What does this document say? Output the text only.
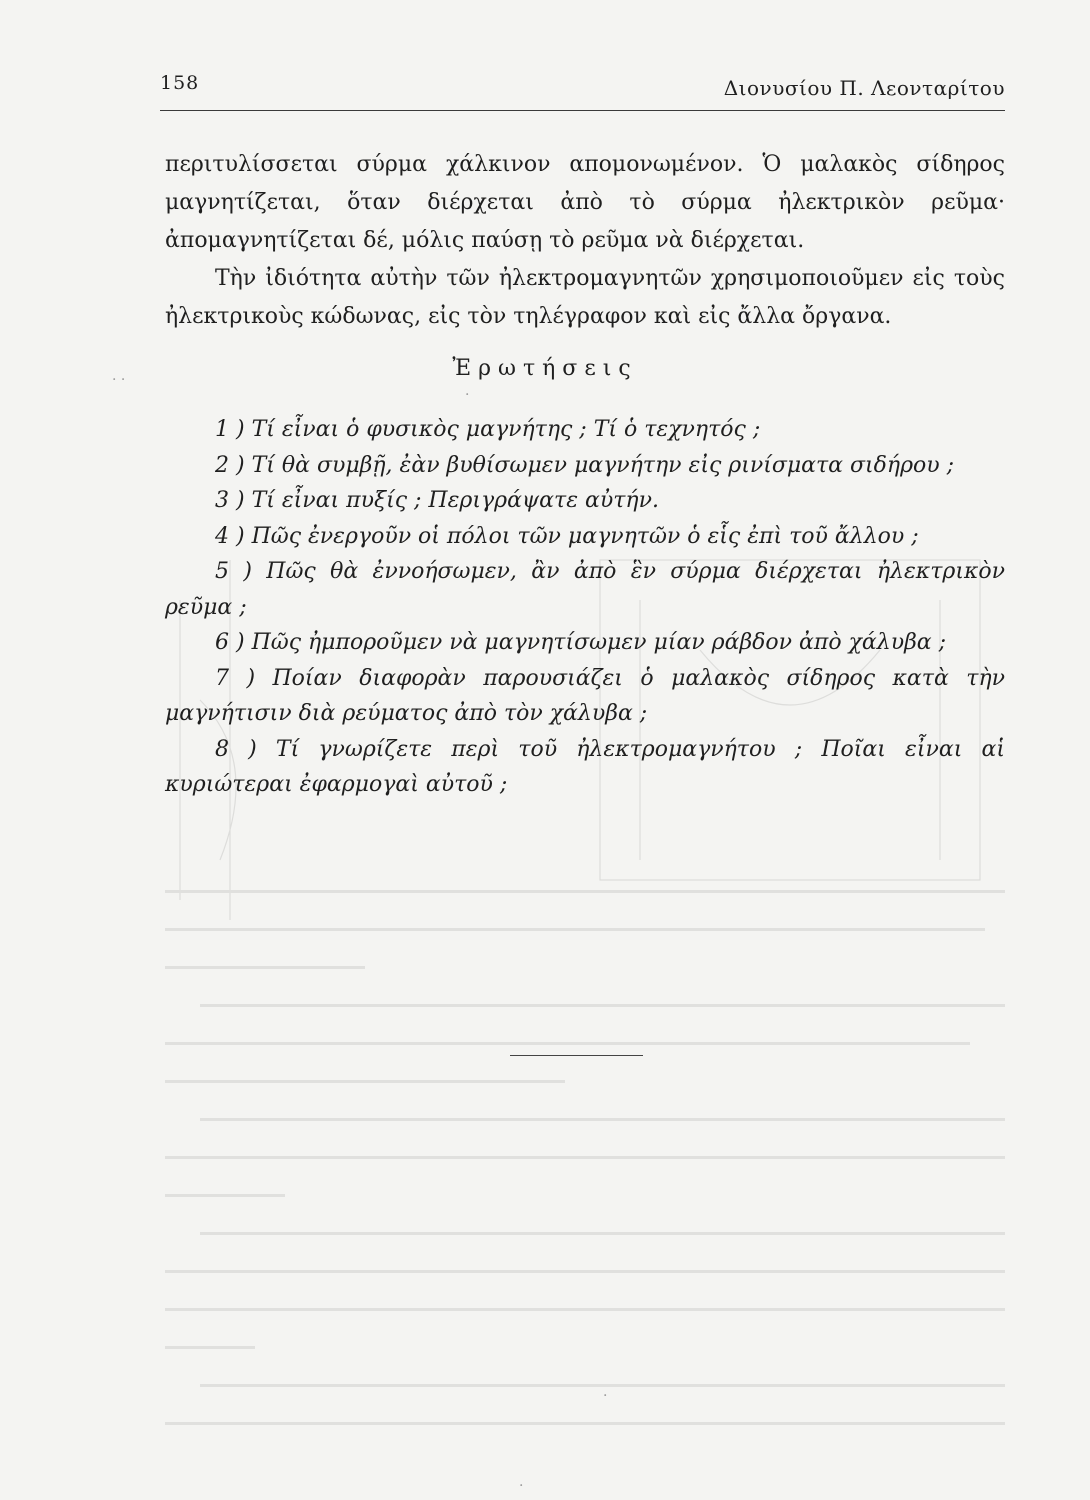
158	Διονυσίου Π. Λεονταρίτου

περιτυλίσσεται σύρμα χάλκινον απομονωμένον. Ὁ μαλακὸς σίδηρος μαγνητίζεται, ὅταν διέρχεται ἀπὸ τὸ σύρμα ἠλεκτρικὸν ρεῦμα· ἀπομαγνητίζεται δέ, μόλις παύσῃ τὸ ρεῦμα νὰ διέρχεται.

Τὴν ἰδιότητα αὐτὴν τῶν ἠλεκτρομαγνητῶν χρησιμοποιοῦμεν εἰς τοὺς ἠλεκτρικοὺς κώδωνας, εἰς τὸν τηλέγραφον καὶ εἰς ἄλλα ὄργανα.

Ἐρωτήσεις

1 ) Τί εἶναι ὁ φυσικὸς μαγνήτης ; Τί ὁ τεχνητός ;

2 ) Τί θὰ συμβῇ, ἐὰν βυθίσωμεν μαγνήτην εἰς ρινίσματα σιδήρου ;

3 ) Τί εἶναι πυξίς ; Περιγράψατε αὐτήν.

4 ) Πῶς ἐνεργοῦν οἱ πόλοι τῶν μαγνητῶν ὁ εἷς ἐπὶ τοῦ ἄλλου ;

5 ) Πῶς θὰ ἐννοήσωμεν, ἂν ἀπὸ ἓν σύρμα διέρχεται ἠλεκτρικὸν ρεῦμα ;

6 ) Πῶς ἠμποροῦμεν νὰ μαγνητίσωμεν μίαν ράβδον ἀπὸ χάλυβα ;

7 ) Ποίαν διαφορὰν παρουσιάζει ὁ μαλακὸς σίδηρος κατὰ τὴν μαγνήτισιν διὰ ρεύματος ἀπὸ τὸν χάλυβα ;

8 ) Τί γνωρίζετε περὶ τοῦ ἠλεκτρομαγνήτου ; Ποῖαι εἶναι αἱ κυριώτεραι ἐφαρμογαὶ αὐτοῦ ;

· ·
·
·
·
